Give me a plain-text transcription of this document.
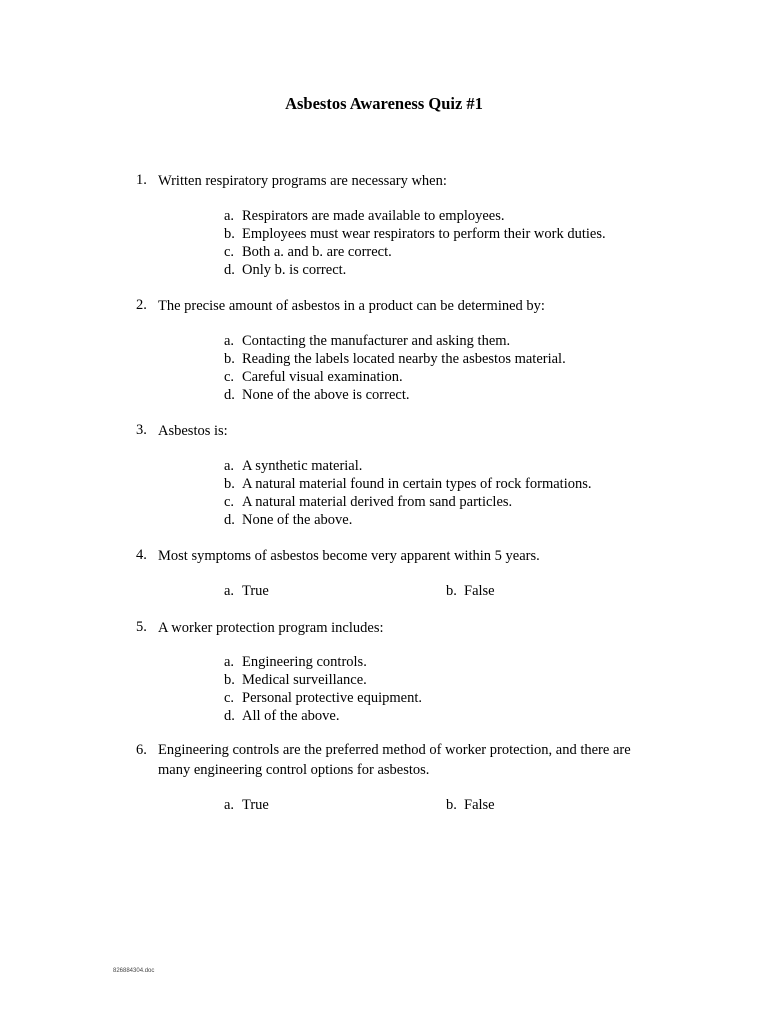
Asbestos Awareness Quiz #1
1. Written respiratory programs are necessary when:
a. Respirators are made available to employees.
b. Employees must wear respirators to perform their work duties.
c. Both a. and b. are correct.
d. Only b. is correct.
2. The precise amount of asbestos in a product can be determined by:
a. Contacting the manufacturer and asking them.
b. Reading the labels located nearby the asbestos material.
c. Careful visual examination.
d. None of the above is correct.
3. Asbestos is:
a. A synthetic material.
b. A natural material found in certain types of rock formations.
c. A natural material derived from sand particles.
d. None of the above.
4. Most symptoms of asbestos become very apparent within 5 years.
a. True	b. False
5. A worker protection program includes:
a. Engineering controls.
b. Medical surveillance.
c. Personal protective equipment.
d. All of the above.
6. Engineering controls are the preferred method of worker protection, and there are many engineering control options for asbestos.
a. True	b. False
826884304.doc
